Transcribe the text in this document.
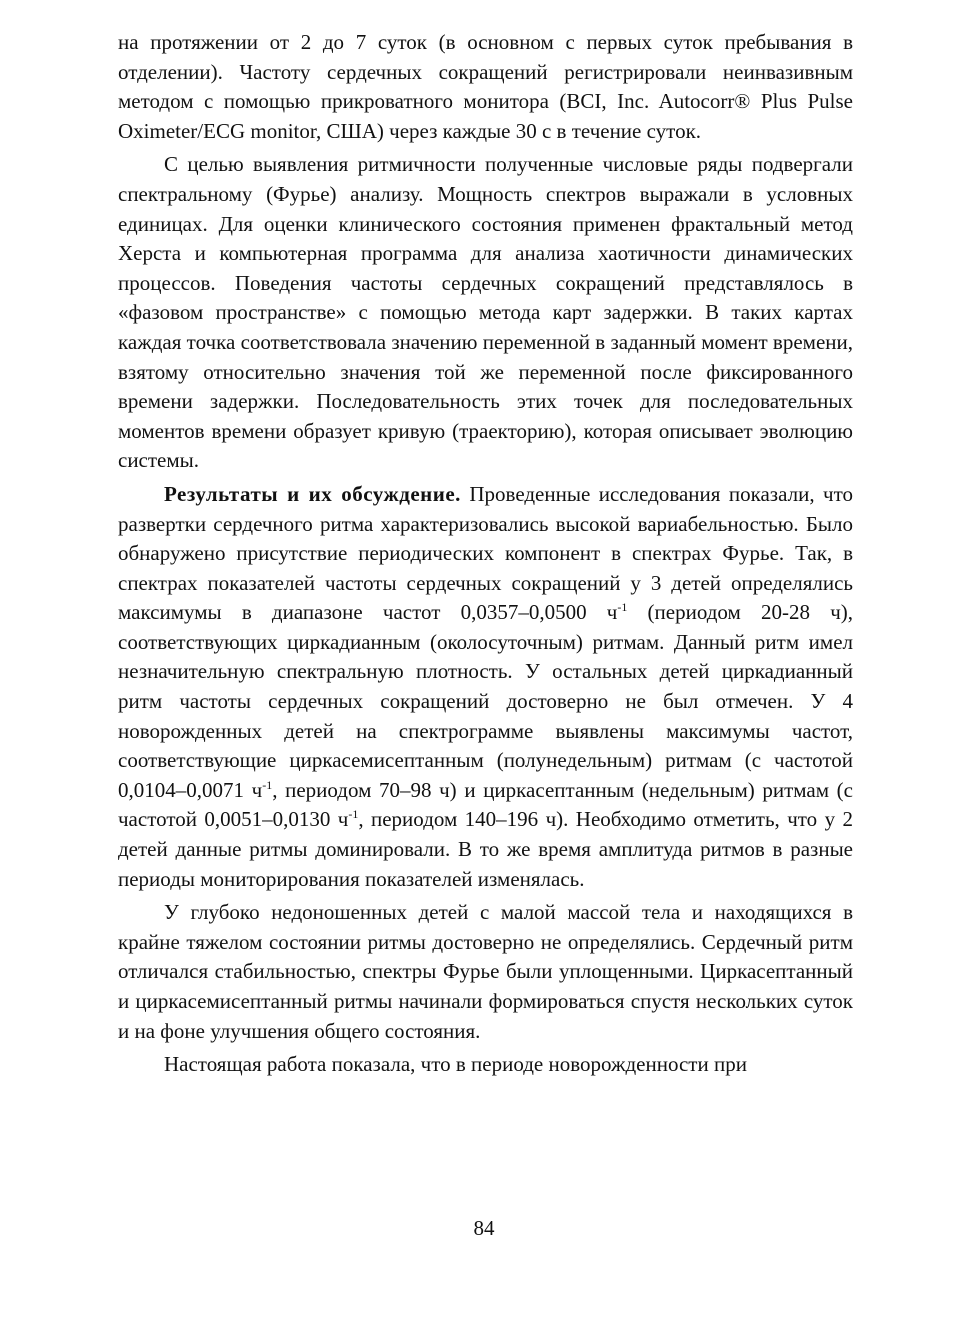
на протяжении от 2 до 7 суток (в основном с первых суток пребывания в отделении). Частоту сердечных сокращений регистрировали неинвазивным методом с помощью прикроватного монитора (BCI, Inc. Autocorr® Plus Pulse Oximeter/ECG monitor, США) через каждые 30 с в течение суток.

С целью выявления ритмичности полученные числовые ряды подвергали спектральному (Фурье) анализу. Мощность спектров выражали в условных единицах. Для оценки клинического состояния применен фрактальный метод Херста и компьютерная программа для анализа хаотичности динамических процессов. Поведения частоты сердечных сокращений представлялось в «фазовом пространстве» с помощью метода карт задержки. В таких картах каждая точка соответствовала значению переменной в заданный момент времени, взятому относительно значения той же переменной после фиксированного времени задержки. Последовательность этих точек для последовательных моментов времени образует кривую (траекторию), которая описывает эволюцию системы.

Результаты и их обсуждение. Проведенные исследования показали, что развертки сердечного ритма характеризовались высокой вариабельностью. Было обнаружено присутствие периодических компонент в спектрах Фурье. Так, в спектрах показателей частоты сердечных сокращений у 3 детей определялись максимумы в диапазоне частот 0,0357–0,0500 $ч^{-1}$ (периодом 20-28 ч), соответствующих циркадианным (околосуточным) ритмам. Данный ритм имел незначительную спектральную плотность. У остальных детей циркадианный ритм частоты сердечных сокращений достоверно не был отмечен. У 4 новорожденных детей на спектрограмме выявлены максимумы частот, соответствующие циркасемисептанным (полунедельным) ритмам (с частотой 0,0104–0,0071 $ч^{-1}$, периодом 70–98 ч) и циркасептанным (недельным) ритмам (с частотой 0,0051–0,0130 $ч^{-1}$, периодом 140–196 ч). Необходимо отметить, что у 2 детей данные ритмы доминировали. В то же время амплитуда ритмов в разные периоды мониторирования показателей изменялась.

У глубоко недоношенных детей с малой массой тела и находящихся в крайне тяжелом состоянии ритмы достоверно не определялись. Сердечный ритм отличался стабильностью, спектры Фурье были уплощенными. Циркасептанный и циркасемисептанный ритмы начинали формироваться спустя нескольких суток и на фоне улучшения общего состояния.

Настоящая работа показала, что в периоде новорожденности при

84
